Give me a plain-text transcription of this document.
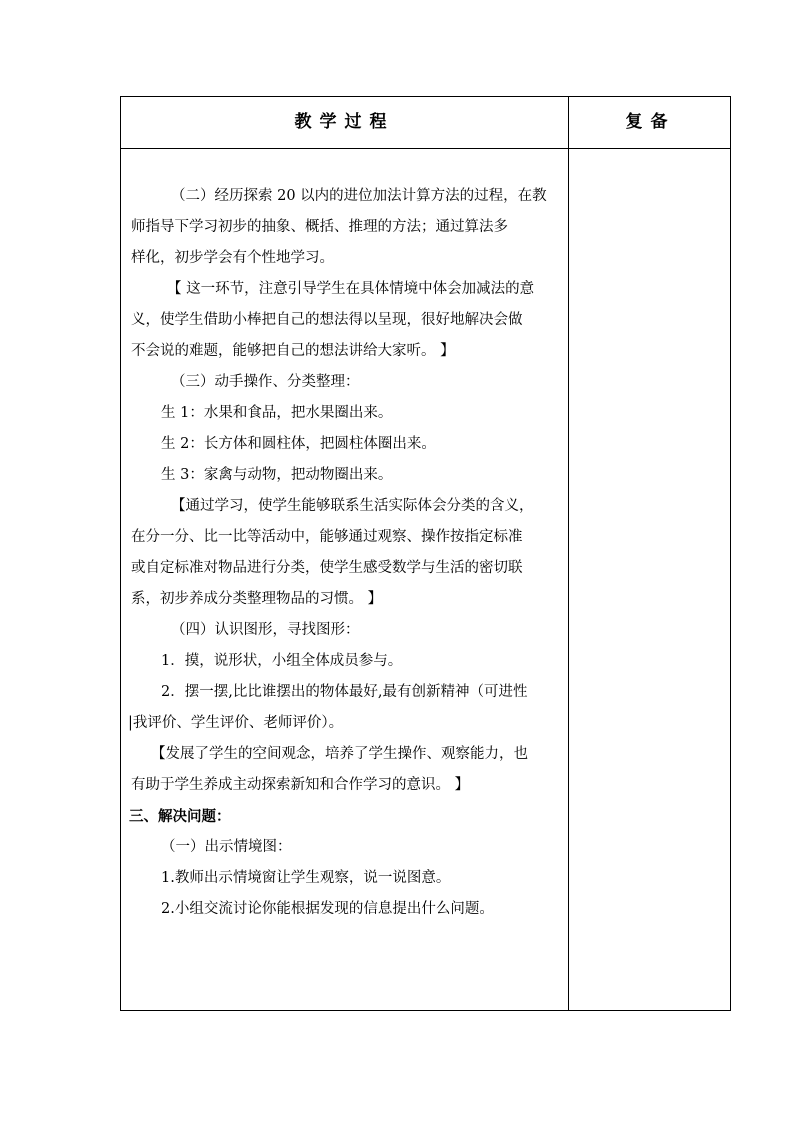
教学过程	复备
（二）经历探索 20 以内的进位加法计算方法的过程，在教
师指导下学习初步的抽象、概括、推理的方法；通过算法多
样化，初步学会有个性地学习。
【 这一环节，注意引导学生在具体情境中体会加减法的意
义，使学生借助小棒把自己的想法得以呈现，很好地解决会做
不会说的难题，能够把自己的想法讲给大家听。 】
（三）动手操作、分类整理：
生 1：水果和食品，把水果圈出来。
生 2：长方体和圆柱体，把圆柱体圈出来。
生 3：家禽与动物，把动物圈出来。
【通过学习，使学生能够联系生活实际体会分类的含义，
在分一分、比一比等活动中，能够通过观察、操作按指定标准
或自定标准对物品进行分类，使学生感受数学与生活的密切联
系，初步养成分类整理物品的习惯。 】
（四）认识图形，寻找图形：
1．摸，说形状，小组全体成员参与。
2．摆一摆,比比谁摆出的物体最好,最有创新精神（可进性
|我评价、学生评价、老师评价）。
【发展了学生的空间观念，培养了学生操作、观察能力，也
有助于学生养成主动探索新知和合作学习的意识。 】
三、解决问题：
（一）出示情境图：
1.教师出示情境窗让学生观察，说一说图意。
2.小组交流讨论你能根据发现的信息提出什么问题。
